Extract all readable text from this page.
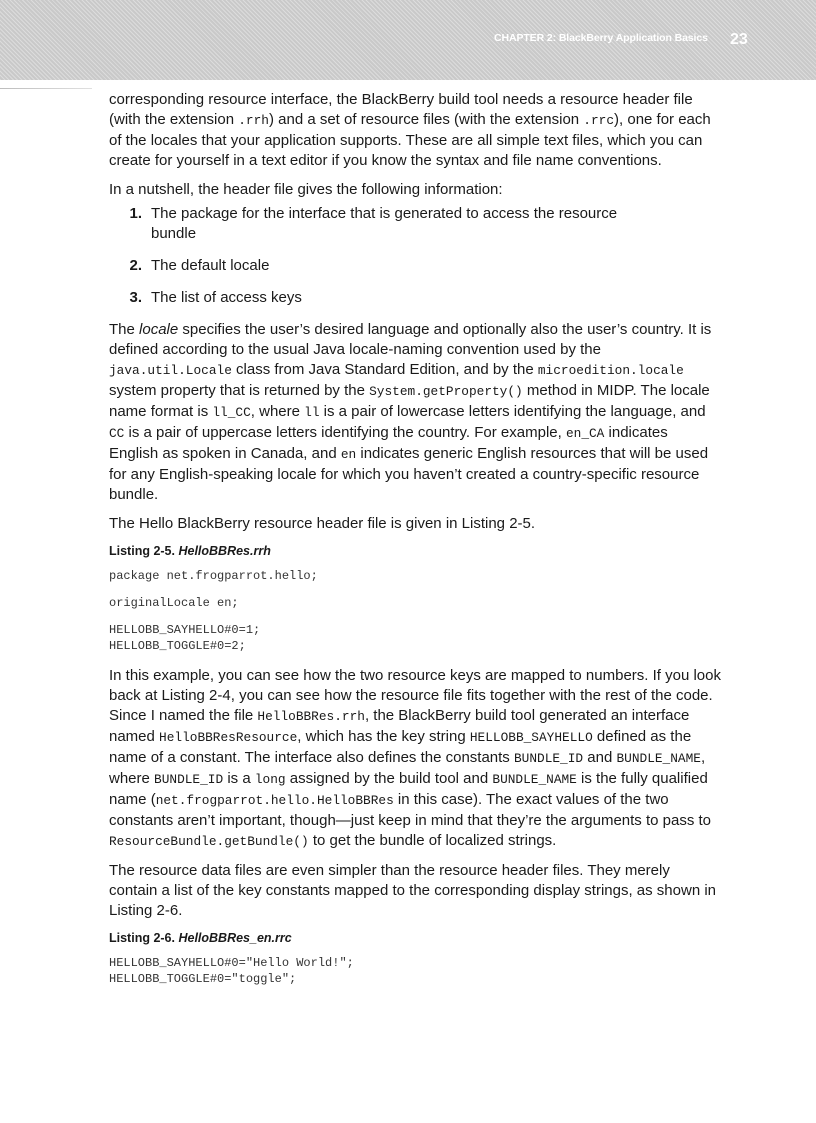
CHAPTER 2: BlackBerry Application Basics 23

corresponding resource interface, the BlackBerry build tool needs a resource header file (with the extension .rrh) and a set of resource files (with the extension .rrc), one for each of the locales that your application supports. These are all simple text files, which you can create for yourself in a text editor if you know the syntax and file name conventions.

In a nutshell, the header file gives the following information:

1. The package for the interface that is generated to access the resource bundle
2. The default locale
3. The list of access keys

The locale specifies the user’s desired language and optionally also the user’s country. It is defined according to the usual Java locale-naming convention used by the java.util.Locale class from Java Standard Edition, and by the microedition.locale system property that is returned by the System.getProperty() method in MIDP. The locale name format is ll_CC, where ll is a pair of lowercase letters identifying the language, and CC is a pair of uppercase letters identifying the country. For example, en_CA indicates English as spoken in Canada, and en indicates generic English resources that will be used for any English-speaking locale for which you haven’t created a country-specific resource bundle.

The Hello BlackBerry resource header file is given in Listing 2-5.

Listing 2-5. HelloBBRes.rrh
package net.frogparrot.hello;
originalLocale en;
HELLOBB_SAYHELLO#0=1;
HELLOBB_TOGGLE#0=2;

In this example, you can see how the two resource keys are mapped to numbers. If you look back at Listing 2-4, you can see how the resource file fits together with the rest of the code. Since I named the file HelloBBRes.rrh, the BlackBerry build tool generated an interface named HelloBBResResource, which has the key string HELLOBB_SAYHELLO defined as the name of a constant. The interface also defines the constants BUNDLE_ID and BUNDLE_NAME, where BUNDLE_ID is a long assigned by the build tool and BUNDLE_NAME is the fully qualified name (net.frogparrot.hello.HelloBBRes in this case). The exact values of the two constants aren’t important, though—just keep in mind that they’re the arguments to pass to ResourceBundle.getBundle() to get the bundle of localized strings.

The resource data files are even simpler than the resource header files. They merely contain a list of the key constants mapped to the corresponding display strings, as shown in Listing 2-6.

Listing 2-6. HelloBBRes_en.rrc
HELLOBB_SAYHELLO#0="Hello World!";
HELLOBB_TOGGLE#0="toggle";
